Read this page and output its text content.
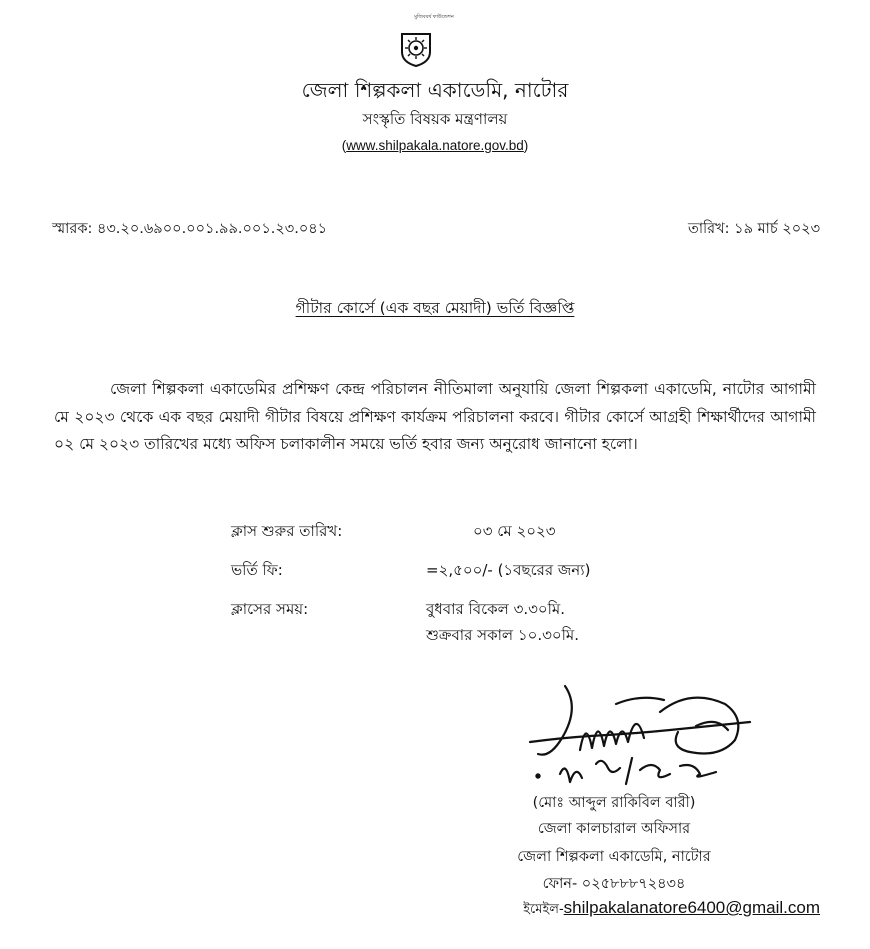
মুজিববর্ষ ফাউন্ডেশন
জেলা শিল্পকলা একাডেমি, নাটোর
সংস্কৃতি বিষয়ক মন্ত্রণালয়
(www.shilpakala.natore.gov.bd)
স্মারক: ৪৩.২০.৬৯০০.০০১.৯৯.০০১.২৩.০৪১	তারিখ: ১৯ মার্চ ২০২৩
গীটার কোর্সে (এক বছর মেয়াদী) ভর্তি বিজ্ঞপ্তি
জেলা শিল্পকলা একাডেমির প্রশিক্ষণ কেন্দ্র পরিচালন নীতিমালা অনুযায়ি জেলা শিল্পকলা একাডেমি, নাটোর আগামী মে ২০২৩ থেকে এক বছর মেয়াদী গীটার বিষয়ে প্রশিক্ষণ কার্যক্রম পরিচালনা করবে। গীটার কোর্সে আগ্রহী শিক্ষার্থীদের আগামী ০২ মে ২০২৩ তারিখের মধ্যে অফিস চলাকালীন সময়ে ভর্তি হবার জন্য অনুরোধ জানানো হলো।
ক্লাস শুরুর তারিখ:	০৩ মে ২০২৩
ভর্তি ফি:	=২,৫০০/- (১বছরের জন্য)
ক্লাসের সময়:	বুধবার বিকেল ৩.৩০মি.
শুক্রবার সকাল ১০.৩০মি.
১৯/০৩/২৩
(মোঃ আব্দুল রাকিবিল বারী)
জেলা কালচারাল অফিসার
জেলা শিল্পকলা একাডেমি, নাটোর
ফোন- ০২৫৮৮৮৭২৪৩৪
ইমেইল-shilpakalanatore6400@gmail.com
